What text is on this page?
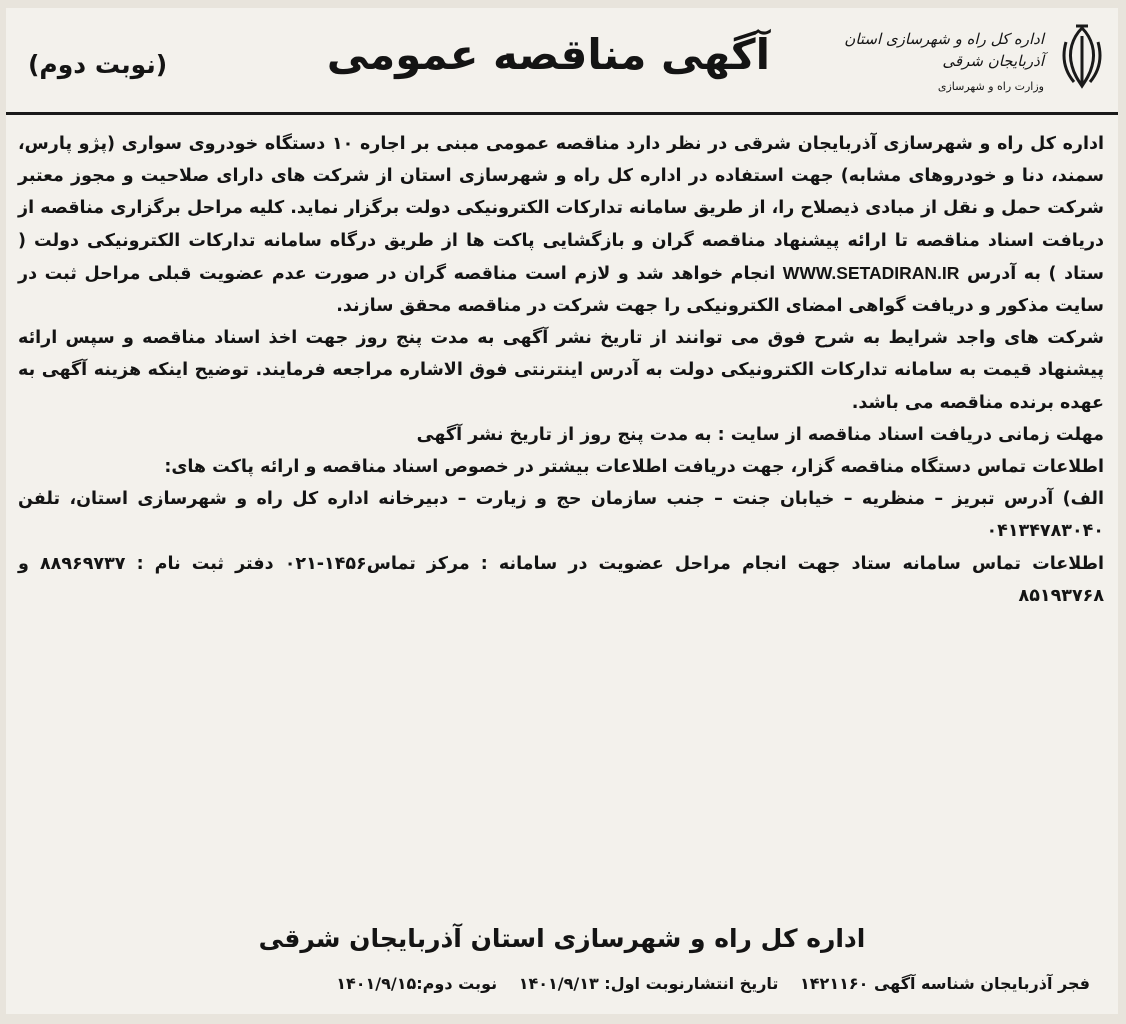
اداره کل راه و شهرسازی استان آذربایجان شرقی
وزارت راه و شهرسازی
آگهی مناقصه عمومی
(نوبت دوم)

اداره کل راه و شهرسازی آذربایجان شرقی در نظر دارد مناقصه عمومی مبنی بر اجاره ۱۰ دستگاه خودروی سواری (پژو پارس، سمند، دنا و خودروهای مشابه) جهت استفاده در اداره کل راه و شهرسازی استان از شرکت های دارای صلاحیت و مجوز معتبر شرکت حمل و نقل از مبادی ذیصلاح را، از طریق سامانه تدارکات الکترونیکی دولت برگزار نماید. کلیه مراحل برگزاری مناقصه از دریافت اسناد مناقصه تا ارائه پیشنهاد مناقصه گران و بازگشایی پاکت ها از طریق درگاه سامانه تدارکات الکترونیکی دولت ( ستاد ) به آدرس WWW.SETADIRAN.IR انجام خواهد شد و لازم است مناقصه گران در صورت عدم عضویت قبلی مراحل ثبت در سایت مذکور و دریافت گواهی امضای الکترونیکی را جهت شرکت در مناقصه محقق سازند.

شرکت های واجد شرایط به شرح فوق می توانند از تاریخ نشر آگهی به مدت پنج روز جهت اخذ اسناد مناقصه و سپس ارائه پیشنهاد قیمت به سامانه تدارکات الکترونیکی دولت به آدرس اینترنتی فوق الاشاره مراجعه فرمایند. توضیح اینکه هزینه آگهی به عهده برنده مناقصه می باشد.

مهلت زمانی دریافت اسناد مناقصه از سایت : به مدت پنج روز از تاریخ نشر آگهی

اطلاعات تماس دستگاه مناقصه گزار، جهت دریافت اطلاعات بیشتر در خصوص اسناد مناقصه و ارائه پاکت های:

الف) آدرس تبریز – منظریه – خیابان جنت – جنب سازمان حج و زیارت – دبیرخانه اداره کل راه و شهرسازی استان، تلفن ۰۴۱۳۴۷۸۳۰۴۰

اطلاعات تماس سامانه ستاد جهت انجام مراحل عضویت در سامانه : مرکز تماس۱۴۵۶-۰۲۱ دفتر ثبت نام : ۸۸۹۶۹۷۳۷ و ۸۵۱۹۳۷۶۸

اداره کل راه و شهرسازی استان آذربایجان شرقی
فجر آذربایجان شناسه آگهی ۱۴۲۱۱۶۰ تاریخ انتشارنوبت اول: ۱۴۰۱/۹/۱۳ نوبت دوم:۱۴۰۱/۹/۱۵
